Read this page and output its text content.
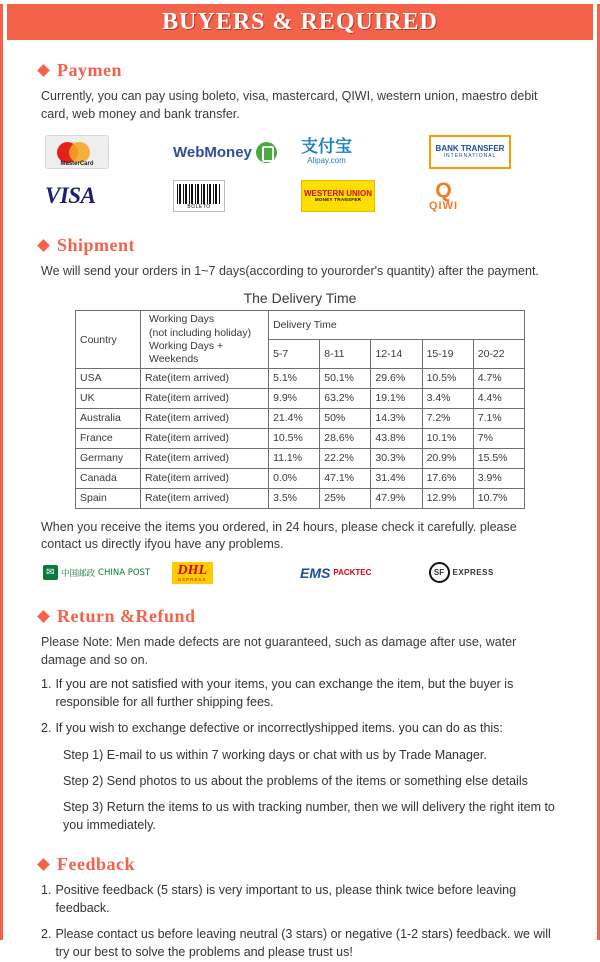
BUYERS & REQUIRED
Paymen
Currently, you can pay using boleto, visa, mastercard, QIWI, western union, maestro debit card, web money and bank transfer.
MasterCard
WebMoney	支付宝
Alipay.com
BANK TRANSFER
INTERNATIONAL
VISA	BOLETO
WESTERN UNION
MONEY TRANSFER	Q
QIWI
Shipment
We will send your orders in 1~7 days(according to yourorder's quantity) after the payment.
The Delivery Time
Country	Working Days
(not including holiday)
Working Days + Weekends	Delivery Time				
		5-7	8-11	12-14	15-19	20-22
USA	Rate(item arrived)	5.1%	50.1%	29.6%	10.5%	4.7%
UK	Rate(item arrived)	9.9%	63.2%	19.1%	3.4%	4.4%
Australia	Rate(item arrived)	21.4%	50%	14.3%	7.2%	7.1%
France	Rate(item arrived)	10.5%	28.6%	43.8%	10.1%	7%
Germany	Rate(item arrived)	11.1%	22.2%	30.3%	20.9%	15.5%
Canada	Rate(item arrived)	0.0%	47.1%	31.4%	17.6%	3.9%
Spain	Rate(item arrived)	3.5%	25%	47.9%	12.9%	10.7%
When you receive the items you ordered, in 24 hours, please check it carefully. please contact us directly ifyou have any problems.
✉ 中国邮政 CHINA POST DHL
EXPRESS	EMS PACKTEC	SF	EXPRESS
Return &Refund
Please Note: Men made defects are not guaranteed, such as damage after use, water damage and so on.
1. If you are not satisfied with your items, you can exchange the item, but the buyer is responsible for all further shipping fees.
2. If you wish to exchange defective or incorrectlyshipped items. you can do as this:
Step 1) E-mail to us within 7 working days or chat with us by Trade Manager.
Step 2) Send photos to us about the problems of the items or something else details
Step 3) Return the items to us with tracking number, then we will delivery the right item to you immediately.
Feedback
1. Positive feedback (5 stars) is very important to us, please think twice before leaving feedback.
2. Please contact us before leaving neutral (3 stars) or negative (1-2 stars) feedback. we will try our best to solve the problems and please trust us!
